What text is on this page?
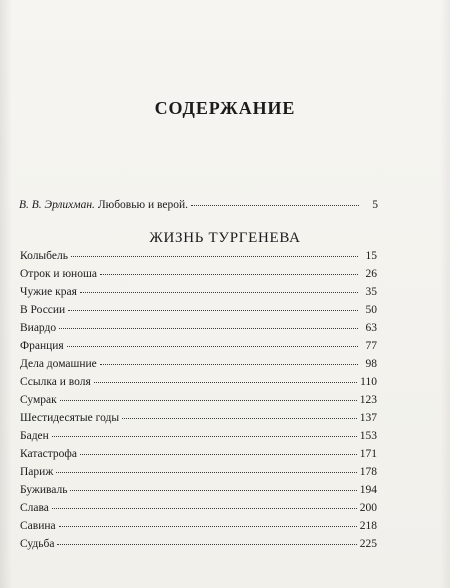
СОДЕРЖАНИЕ
В. В. Эрлихман. Любовью и верой.	5
ЖИЗНЬ ТУРГЕНЕВА
Колыбель	15
Отрок и юноша	26
Чужие края	35
В России	50
Виардо	63
Франция	77
Дела домашние	98
Ссылка и воля	110
Сумрак	123
Шестидесятые годы	137
Баден	153
Катастрофа	171
Париж	178
Буживаль	194
Слава	200
Савина	218
Судьба	225
